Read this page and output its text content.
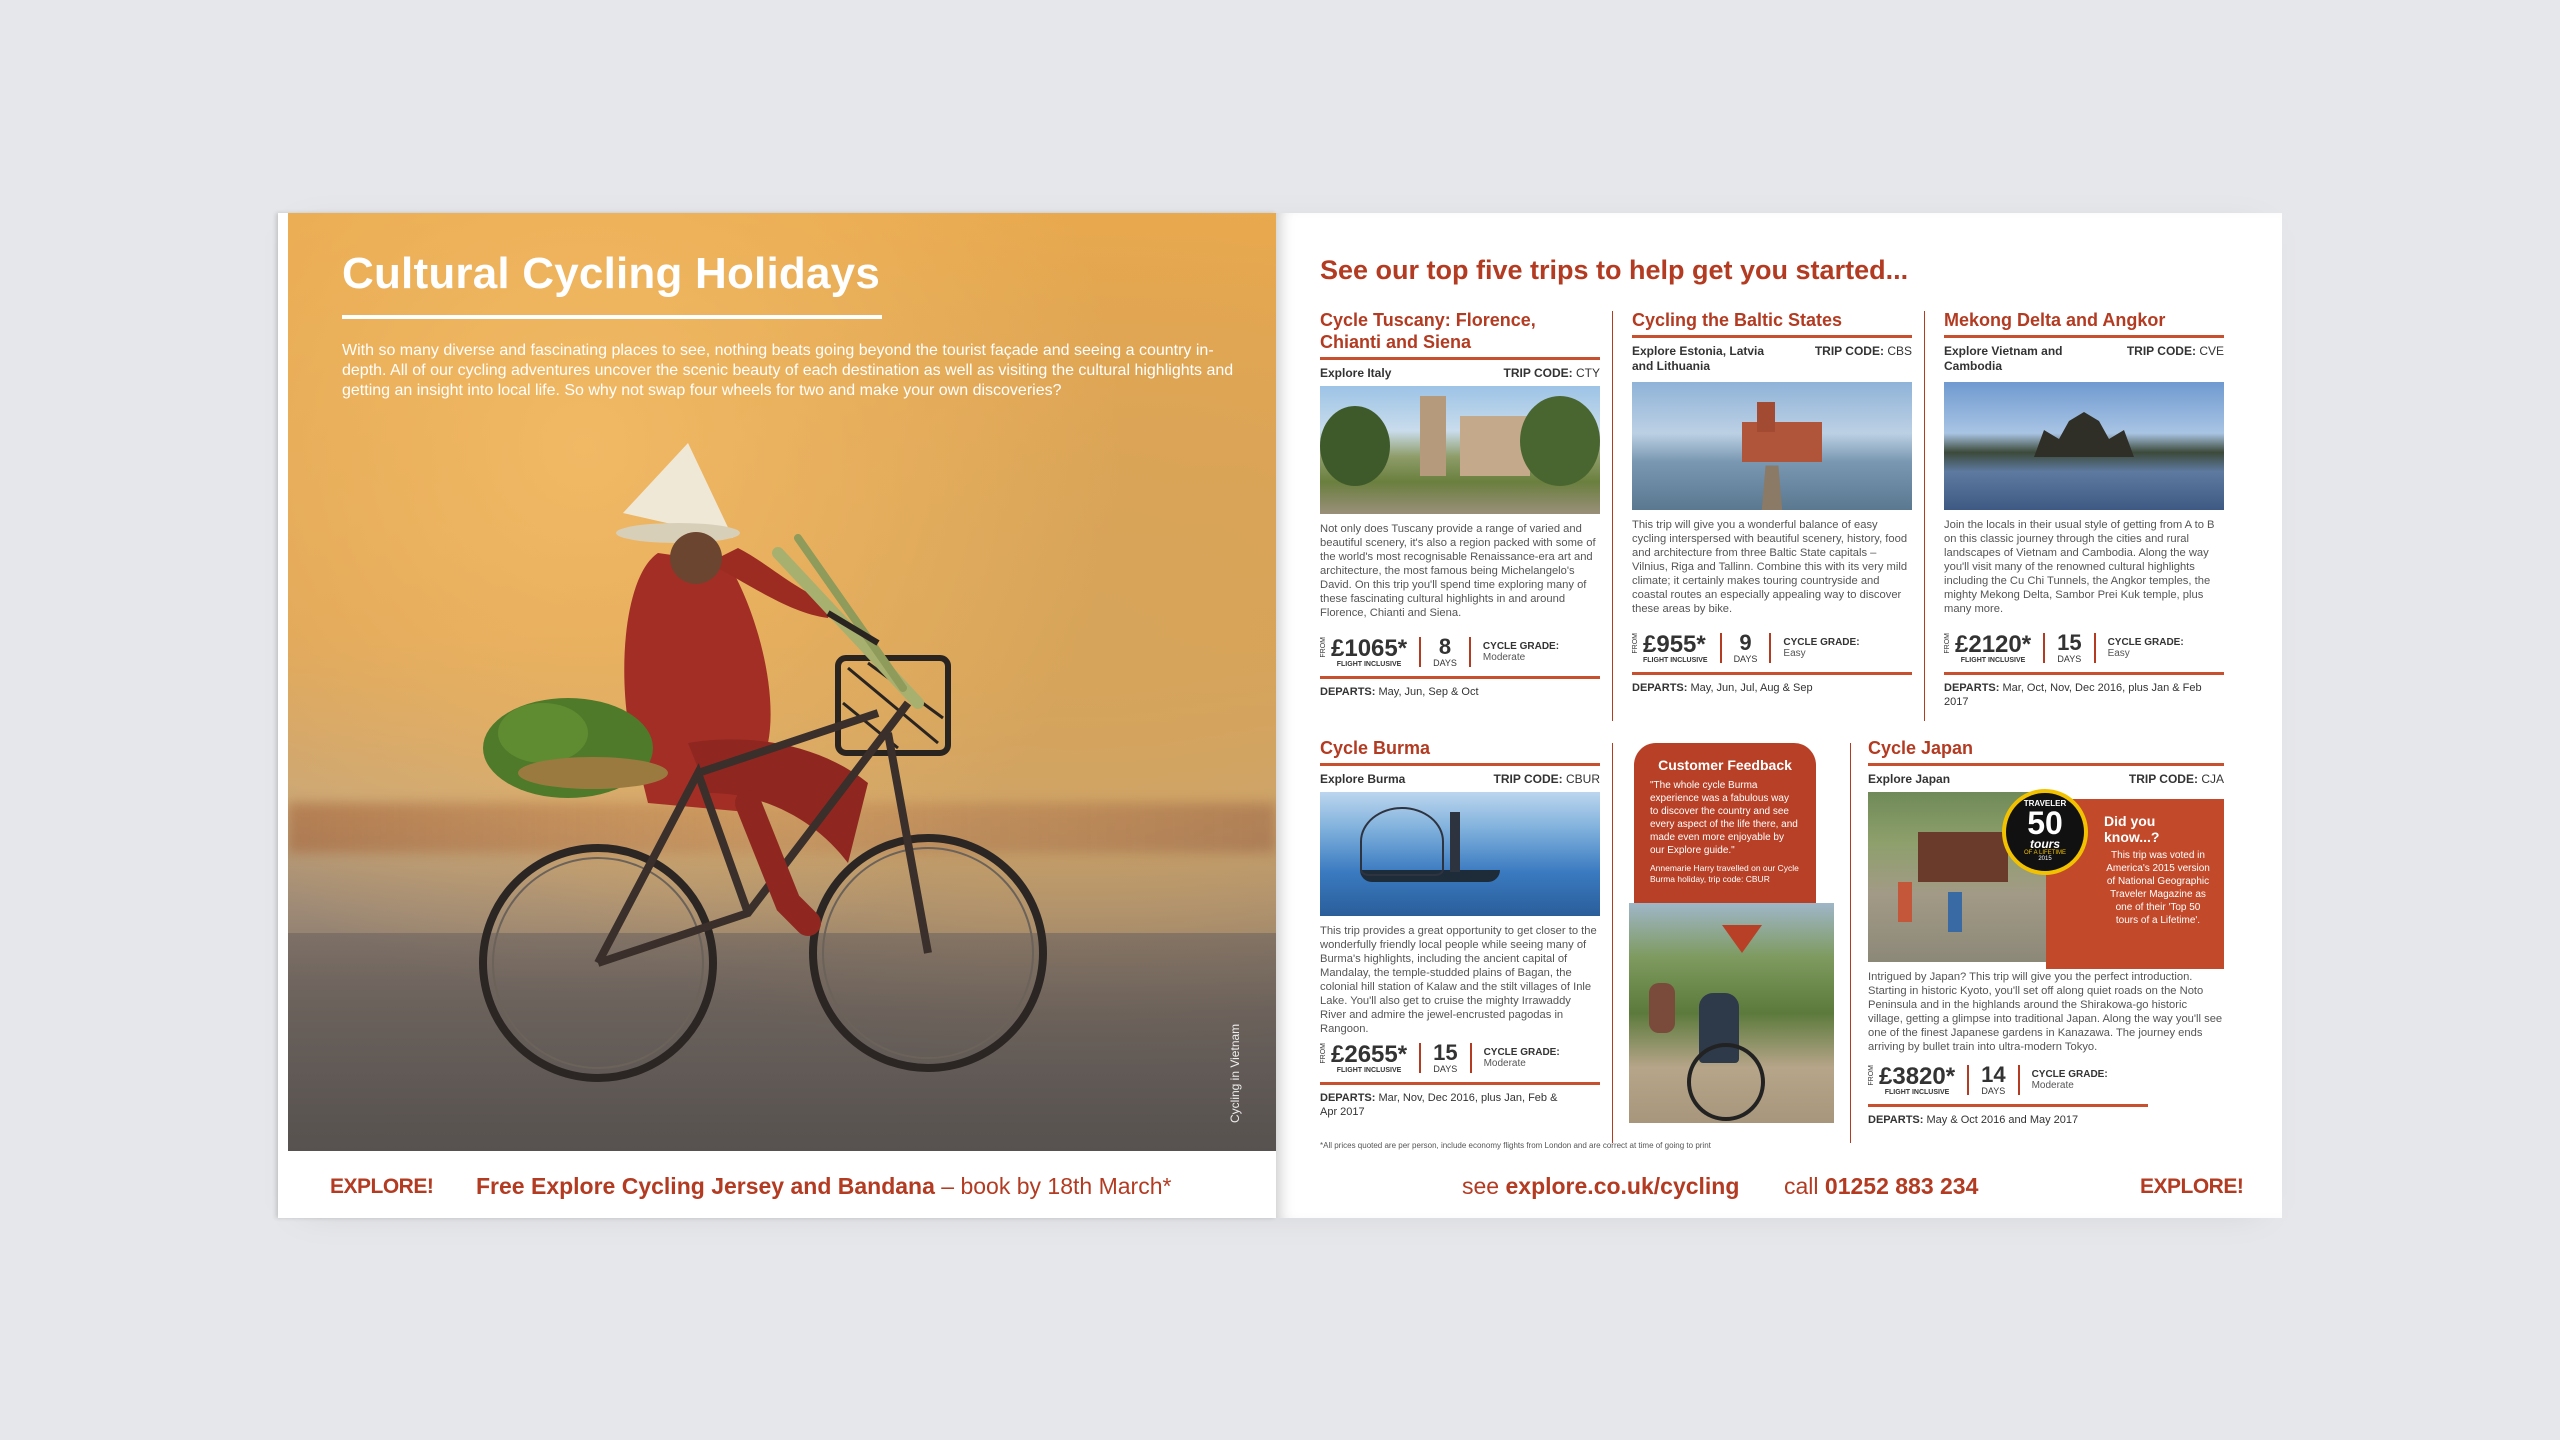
Cultural Cycling Holidays
With so many diverse and fascinating places to see, nothing beats going beyond the tourist façade and seeing a country in-depth. All of our cycling adventures uncover the scenic beauty of each destination as well as visiting the cultural highlights and getting an insight into local life. So why not swap four wheels for two and make your own discoveries?
Cycling in Vietnam
EXPLORE! Free Explore Cycling Jersey and Bandana – book by 18th March*
See our top five trips to help get you started...
Cycle Tuscany: Florence, Chianti and Siena
Explore Italy	TRIP CODE: CTY
Not only does Tuscany provide a range of varied and beautiful scenery, it's also a region packed with some of the world's most recognisable Renaissance-era art and architecture, the most famous being Michelangelo's David. On this trip you'll spend time exploring many of these fascinating cultural highlights in and around Florence, Chianti and Siena.
FROM £1065*
FLIGHT INCLUSIVE
8
DAYS
CYCLE GRADE:
Moderate
DEPARTS: May, Jun, Sep & Oct
Cycling the Baltic States
Explore Estonia, Latvia and Lithuania
TRIP CODE: CBS
This trip will give you a wonderful balance of easy cycling interspersed with beautiful scenery, history, food and architecture from three Baltic State capitals – Vilnius, Riga and Tallinn. Combine this with its very mild climate; it certainly makes touring countryside and coastal routes an especially appealing way to discover these areas by bike.
FROM £955*
FLIGHT INCLUSIVE
9
DAYS
CYCLE GRADE:
Easy
DEPARTS: May, Jun, Jul, Aug & Sep
Mekong Delta and Angkor
Explore Vietnam and Cambodia
TRIP CODE: CVE
Join the locals in their usual style of getting from A to B on this classic journey through the cities and rural landscapes of Vietnam and Cambodia. Along the way you'll visit many of the renowned cultural highlights including the Cu Chi Tunnels, the Angkor temples, the mighty Mekong Delta, Sambor Prei Kuk temple, plus many more.
FROM £2120*
FLIGHT INCLUSIVE
15
DAYS
CYCLE GRADE:
Easy
DEPARTS: Mar, Oct, Nov, Dec 2016, plus Jan & Feb 2017
Cycle Burma
Explore Burma	TRIP CODE: CBUR
This trip provides a great opportunity to get closer to the wonderfully friendly local people while seeing many of Burma's highlights, including the ancient capital of Mandalay, the temple-studded plains of Bagan, the colonial hill station of Kalaw and the stilt villages of Inle Lake. You'll also get to cruise the mighty Irrawaddy River and admire the jewel-encrusted pagodas in Rangoon.
FROM £2655*
FLIGHT INCLUSIVE
15
DAYS
CYCLE GRADE:
Moderate
DEPARTS: Mar, Nov, Dec 2016, plus Jan, Feb & Apr 2017
Customer Feedback
"The whole cycle Burma experience was a fabulous way to discover the country and see every aspect of the life there, and made even more enjoyable by our Explore guide."
Annemarie Harry travelled on our Cycle Burma holiday, trip code: CBUR
Cycle Japan
Explore Japan	TRIP CODE: CJA
Intrigued by Japan? This trip will give you the perfect introduction. Starting in historic Kyoto, you'll set off along quiet roads on the Noto Peninsula and in the highlands around the Shirakowa-go historic village, getting a glimpse into traditional Japan. Along the way you'll see one of the finest Japanese gardens in Kanazawa. The journey ends arriving by bullet train into ultra-modern Tokyo.
FROM £3820*
FLIGHT INCLUSIVE
14
DAYS
CYCLE GRADE:
Moderate
DEPARTS: May & Oct 2016 and May 2017
Did you know...?
This trip was voted in America's 2015 version of National Geographic Traveler Magazine as one of their 'Top 50 tours of a Lifetime'.
TRAVELER
50
tours
OF A LIFETIME
2015
*All prices quoted are per person, include economy flights from London and are correct at time of going to print
see explore.co.uk/cycling call 01252 883 234	EXPLORE!
